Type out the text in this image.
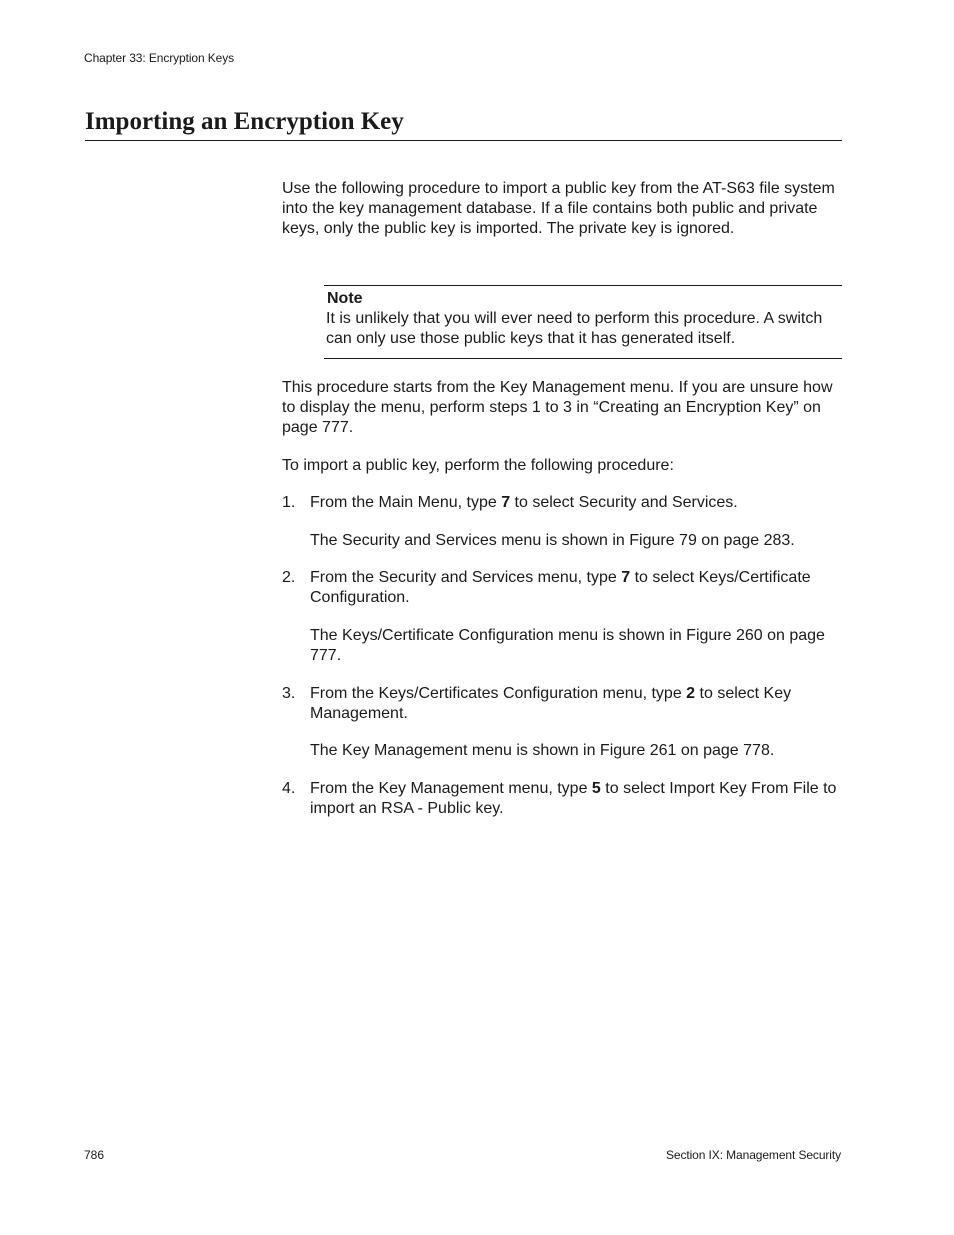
Chapter 33: Encryption Keys
Importing an Encryption Key

Use the following procedure to import a public key from the AT-S63 file system into the key management database. If a file contains both public and private keys, only the public key is imported. The private key is ignored.

Note
It is unlikely that you will ever need to perform this procedure. A switch can only use those public keys that it has generated itself.

This procedure starts from the Key Management menu. If you are unsure how to display the menu, perform steps 1 to 3 in “Creating an Encryption Key” on page 777.

To import a public key, perform the following procedure:

1. From the Main Menu, type 7 to select Security and Services.

The Security and Services menu is shown in Figure 79 on page 283.

2. From the Security and Services menu, type 7 to select Keys/Certificate Configuration.

The Keys/Certificate Configuration menu is shown in Figure 260 on page 777.

3. From the Keys/Certificates Configuration menu, type 2 to select Key Management.

The Key Management menu is shown in Figure 261 on page 778.

4. From the Key Management menu, type 5 to select Import Key From File to import an RSA - Public key.

786	Section IX: Management Security
